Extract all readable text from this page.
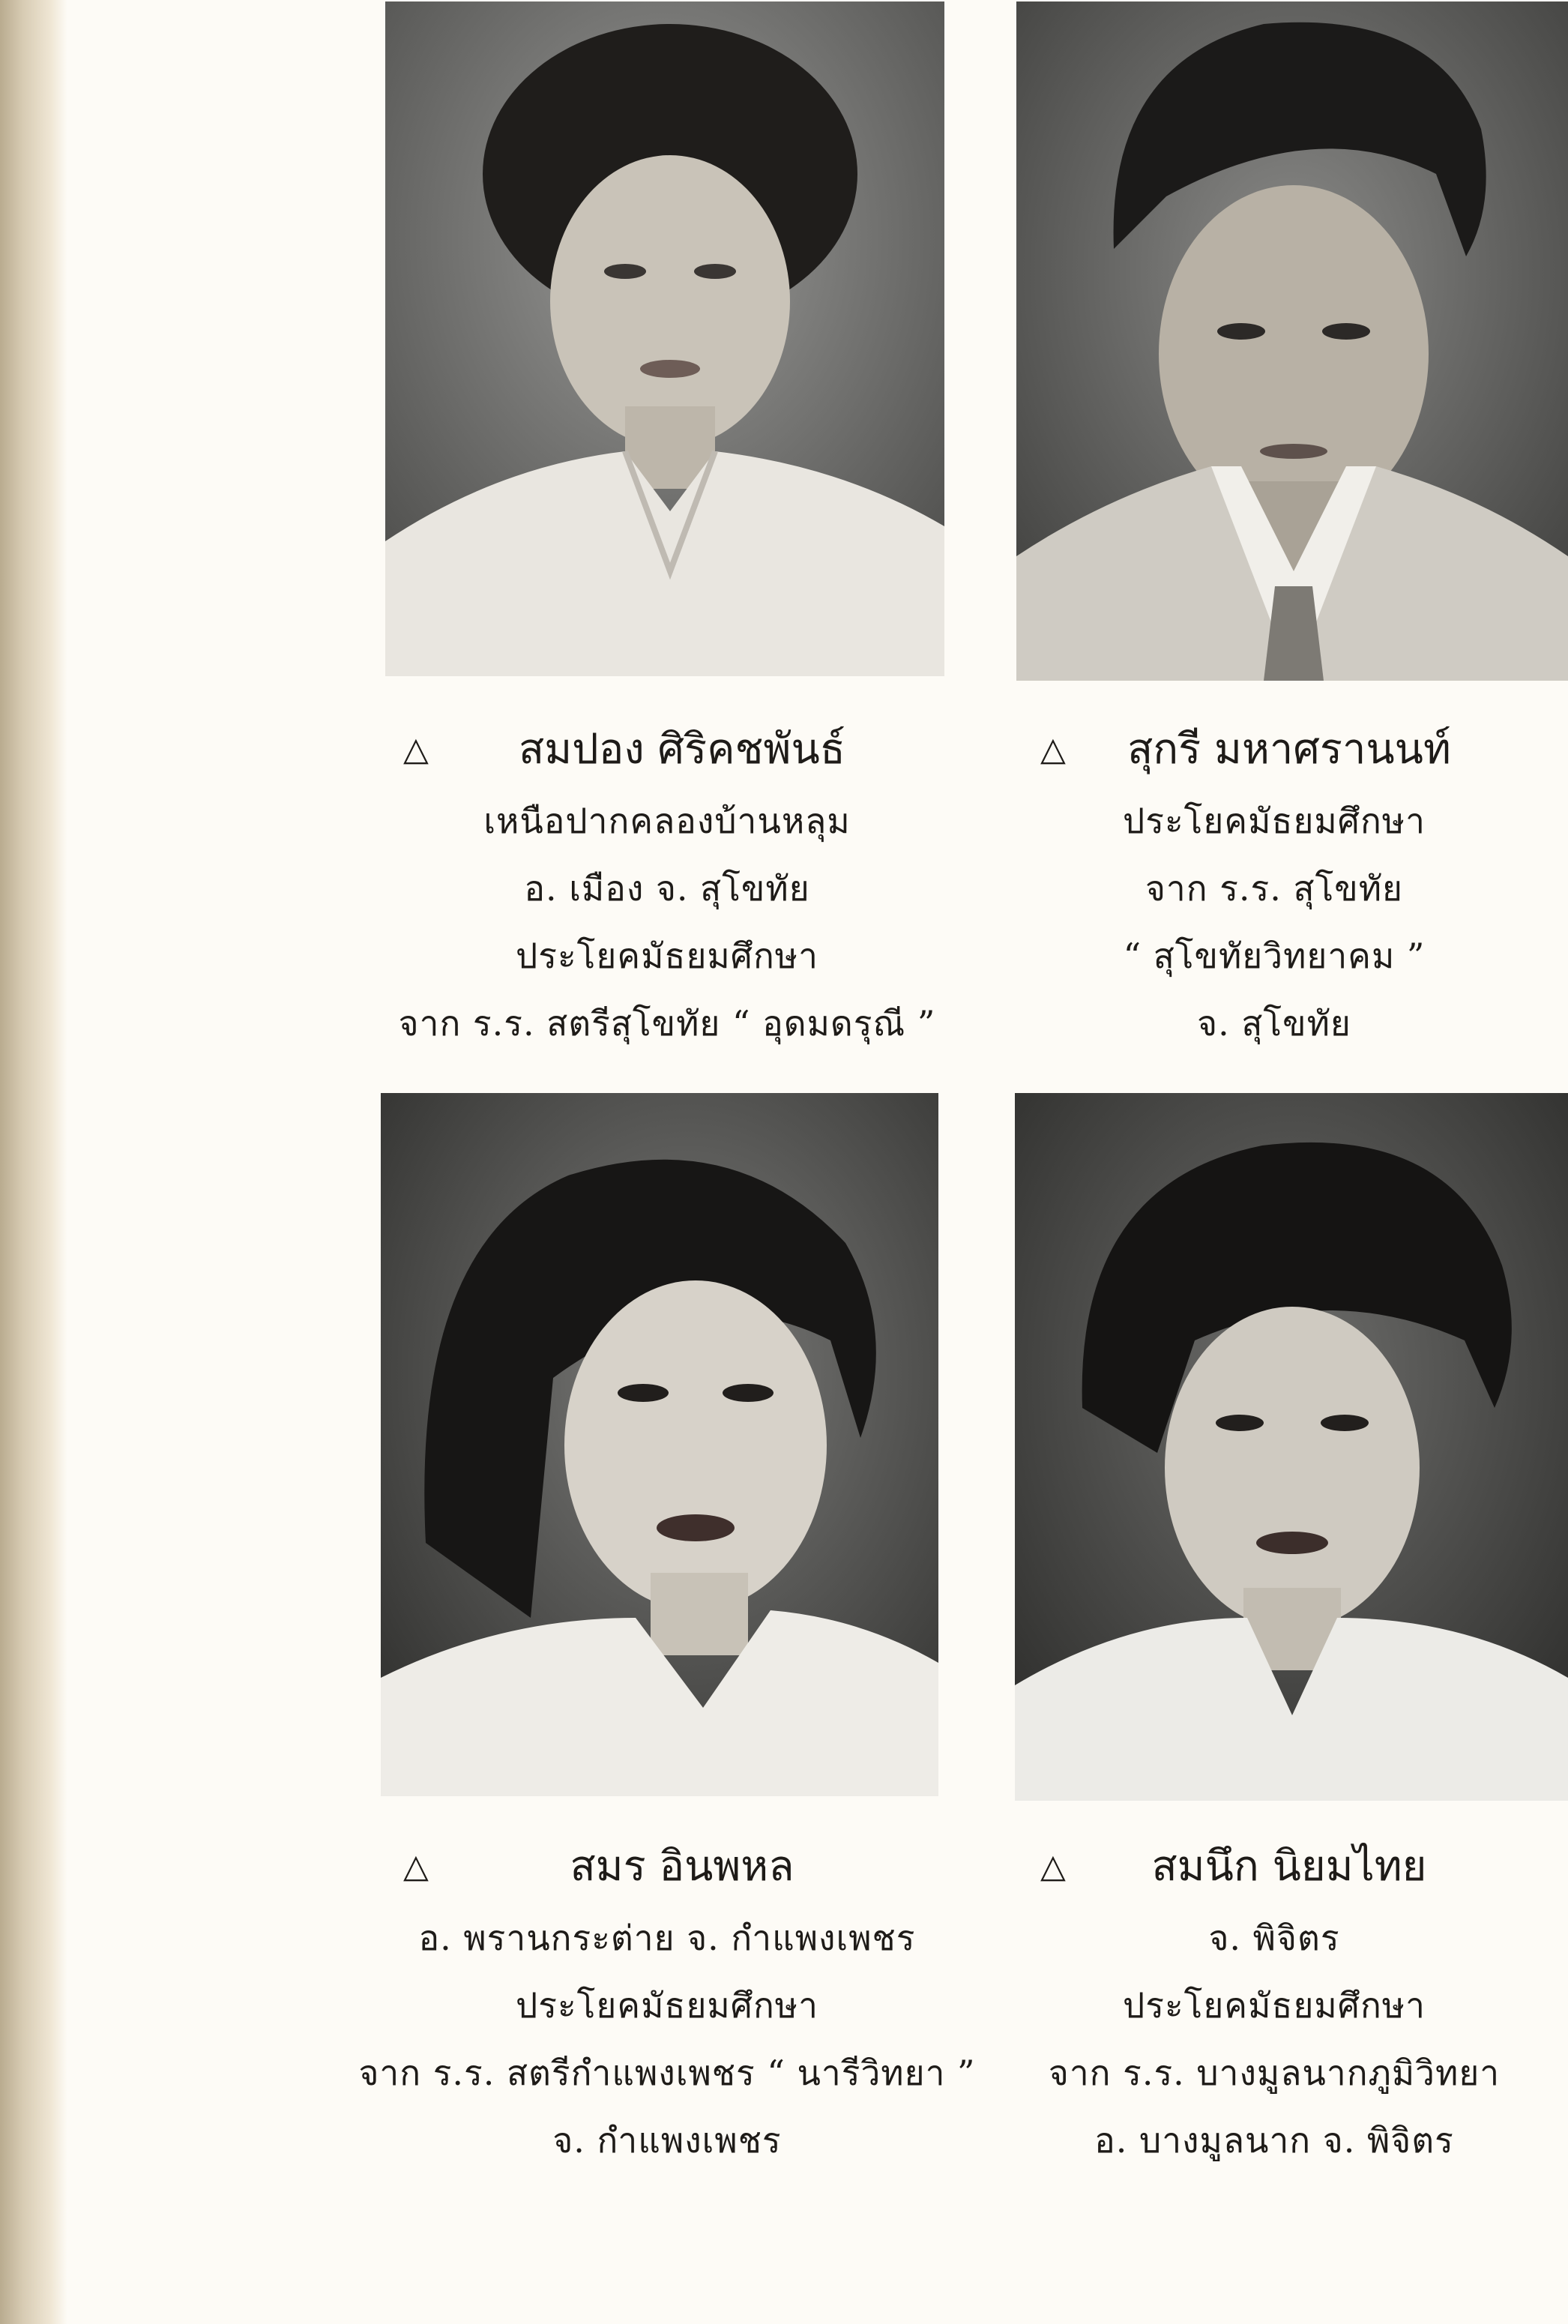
△ สมปอง ศิริคชพันธ์
เหนือปากคลองบ้านหลุม
อ. เมือง จ. สุโขทัย
ประโยคมัธยมศึกษา
จาก ร.ร. สตรีสุโขทัย “ อุดมดรุณี ”
△ สุกรี มหาศรานนท์
ประโยคมัธยมศึกษา
จาก ร.ร. สุโขทัย
“ สุโขทัยวิทยาคม ”
จ. สุโขทัย
△	สมร อินพหล
อ. พรานกระต่าย จ. กำแพงเพชร
ประโยคมัธยมศึกษา
จาก ร.ร. สตรีกำแพงเพชร “ นารีวิทยา ”
จ. กำแพงเพชร
△ สมนึก นิยมไทย
จ. พิจิตร
ประโยคมัธยมศึกษา
จาก ร.ร. บางมูลนากภูมิวิทยา
อ. บางมูลนาก จ. พิจิตร
